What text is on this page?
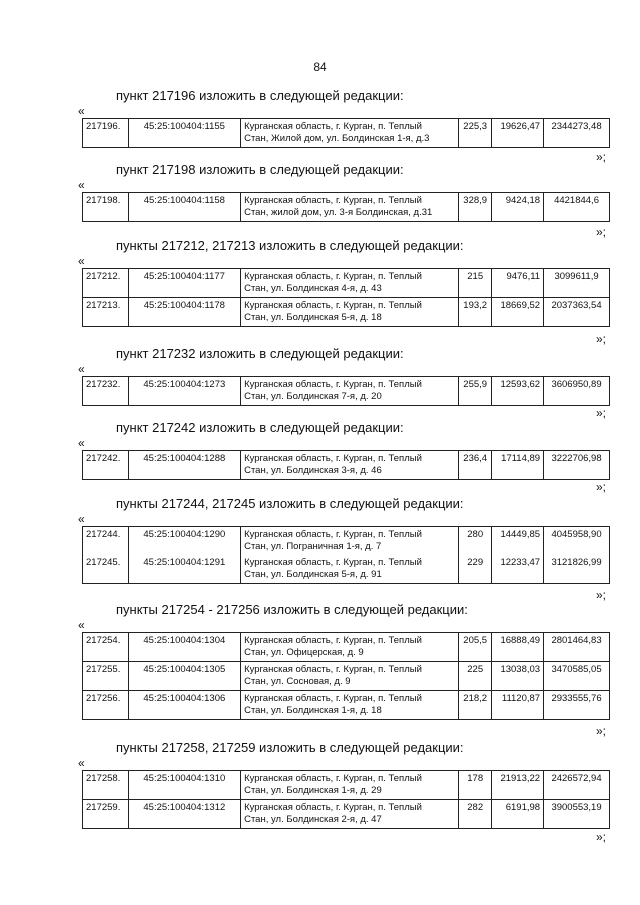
84
пункт 217196 изложить в следующей редакции:
«
217196.	45:25:100404:1155	Курганская область, г. Курган, п. Теплый
Стан, Жилой дом, ул. Болдинская 1-я, д.3
	225,3	19626,47	2344273,48
»;
пункт 217198 изложить в следующей редакции:
«
217198.	45:25:100404:1158	Курганская область, г. Курган, п. Теплый
Стан, жилой дом, ул. 3-я Болдинская, д.31
	328,9	9424,18	4421844,6
»;
пункты 217212, 217213 изложить в следующей редакции:
«
217212.	45:25:100404:1177	Курганская область, г. Курган, п. Теплый
Стан, ул. Болдинская 4-я, д. 43	215	9476,11	3099611,9
217213.	45:25:100404:1178	Курганская область, г. Курган, п. Теплый
Стан, ул. Болдинская 5-я, д. 18	193,2	18669,52	2037363,54
»;
пункт 217232 изложить в следующей редакции:
«
217232.	45:25:100404:1273	Курганская область, г. Курган, п. Теплый
Стан, ул. Болдинская 7-я, д. 20
	255,9	12593,62	3606950,89
»;
пункт 217242 изложить в следующей редакции:
«
217242.	45:25:100404:1288	Курганская область, г. Курган, п. Теплый
Стан, ул. Болдинская 3-я, д. 46
	236,4	17114,89	3222706,98
»;
пункты 217244, 217245 изложить в следующей редакции:
«
217244.	45:25:100404:1290	Курганская область, г. Курган, п. Теплый
Стан, ул. Пограничная 1-я, д. 7	280	14449,85	4045958,90
217245.	45:25:100404:1291	Курганская область, г. Курган, п. Теплый
Стан, ул. Болдинская 5-я, д. 91	229	12233,47	3121826,99
»;
пункты 217254 - 217256 изложить в следующей редакции:
«
217254.	45:25:100404:1304	Курганская область, г. Курган, п. Теплый
Стан, ул. Офицерская, д. 9	205,5	16888,49	2801464,83
217255.	45:25:100404:1305	Курганская область, г. Курган, п. Теплый
Стан, ул. Сосновая, д. 9	225	13038,03	3470585,05
217256.	45:25:100404:1306	Курганская область, г. Курган, п. Теплый
Стан, ул. Болдинская 1-я, д. 18	218,2	11120,87	2933555,76
»;
пункты 217258, 217259 изложить в следующей редакции:
«
217258.	45:25:100404:1310	Курганская область, г. Курган, п. Теплый
Стан, ул. Болдинская 1-я, д. 29	178	21913,22	2426572,94
217259.	45:25:100404:1312	Курганская область, г. Курган, п. Теплый
Стан, ул. Болдинская 2-я, д. 47	282	6191,98	3900553,19
»;
